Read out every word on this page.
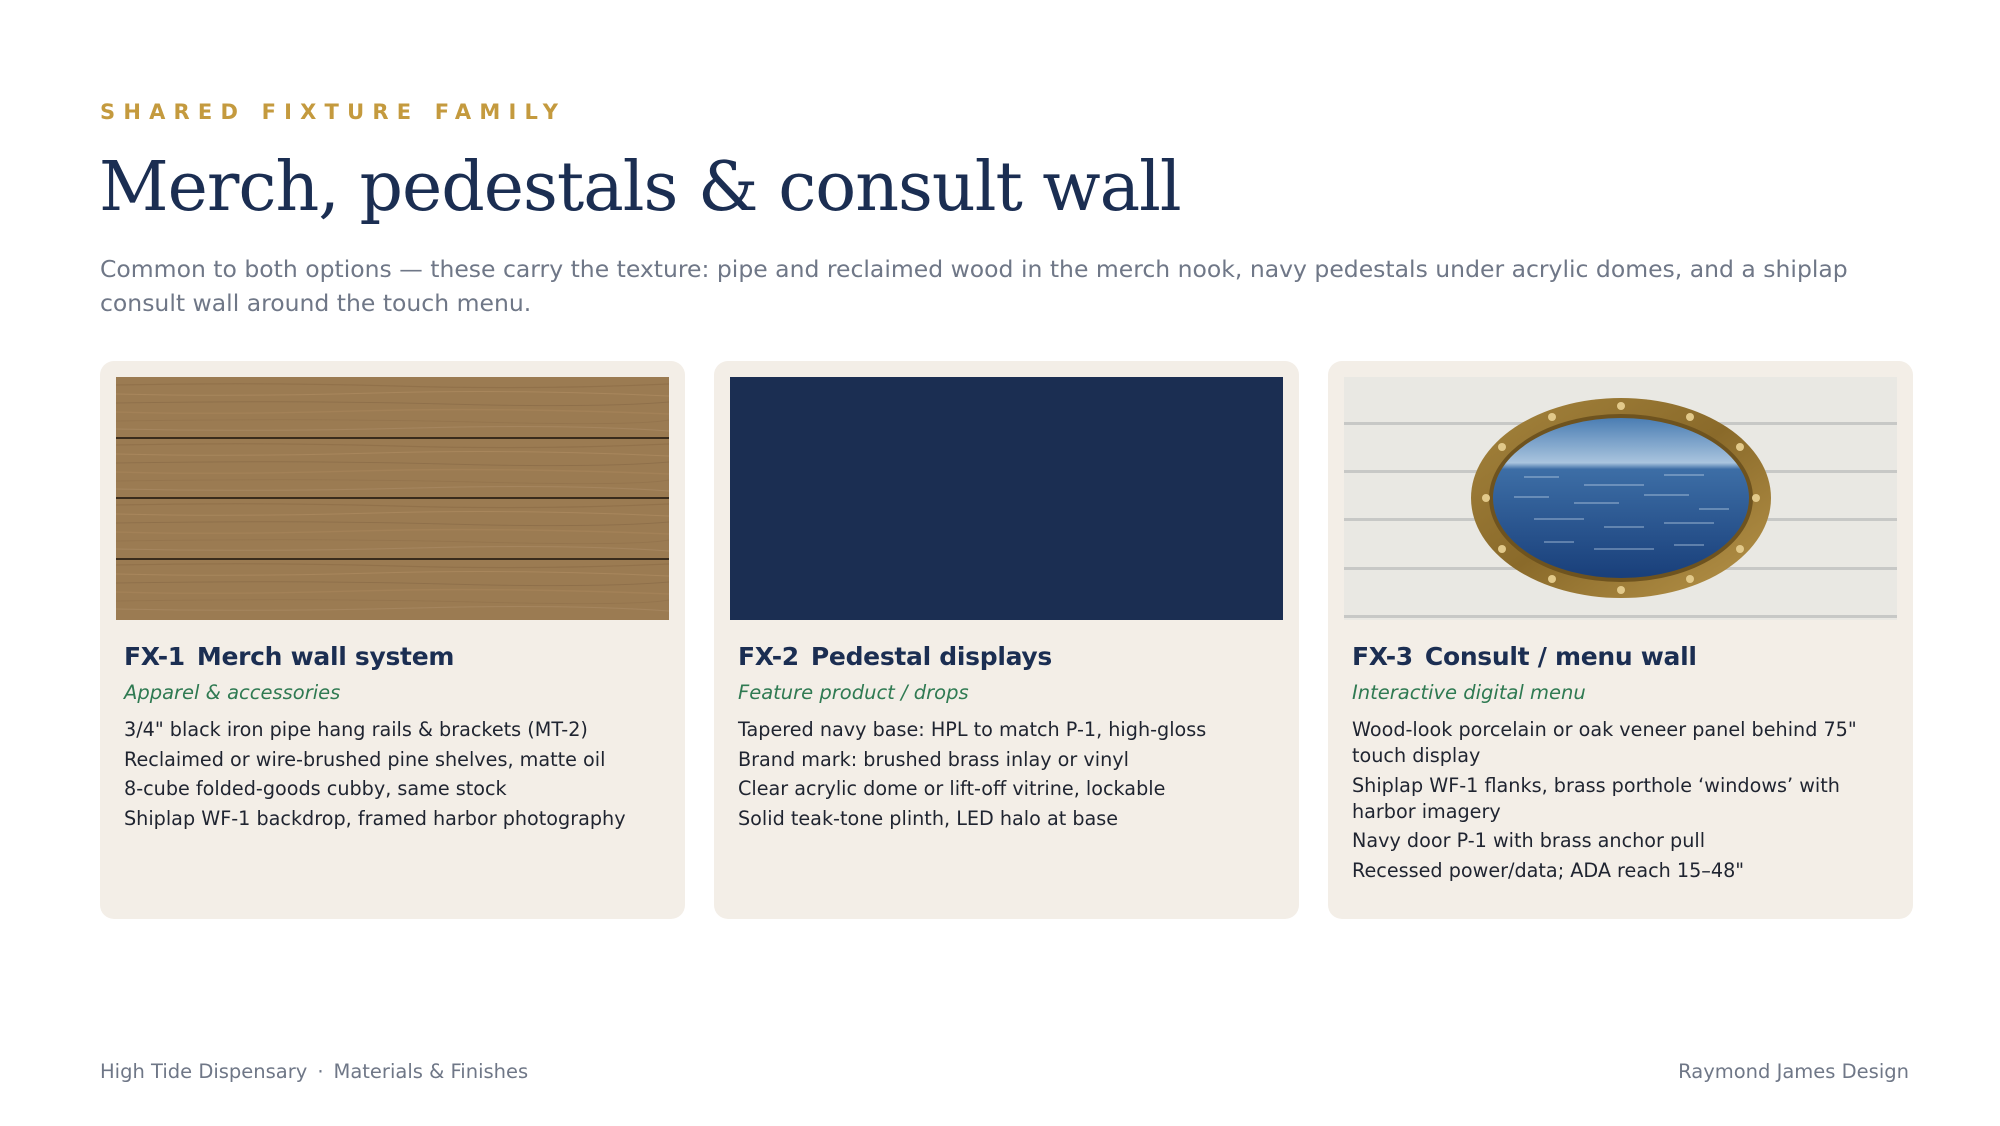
SHARED FIXTURE FAMILY
Merch, pedestals & consult wall
Common to both options — these carry the texture: pipe and reclaimed wood in the merch nook, navy pedestals under acrylic domes, and a shiplap consult wall around the touch menu.
FX-1 Merch wall system
Apparel & accessories
3/4" black iron pipe hang rails & brackets (MT-2)
Reclaimed or wire-brushed pine shelves, matte oil
8-cube folded-goods cubby, same stock
Shiplap WF-1 backdrop, framed harbor photography
FX-2 Pedestal displays
Feature product / drops
Tapered navy base: HPL to match P-1, high-gloss
Brand mark: brushed brass inlay or vinyl
Clear acrylic dome or lift-off vitrine, lockable
Solid teak-tone plinth, LED halo at base
FX-3 Consult / menu wall
Interactive digital menu
Wood-look porcelain or oak veneer panel behind 75" touch display
Shiplap WF-1 flanks, brass porthole ‘windows’ with harbor imagery
Navy door P-1 with brass anchor pull
Recessed power/data; ADA reach 15–48"
High Tide Dispensary · Materials & Finishes	Raymond James Design
